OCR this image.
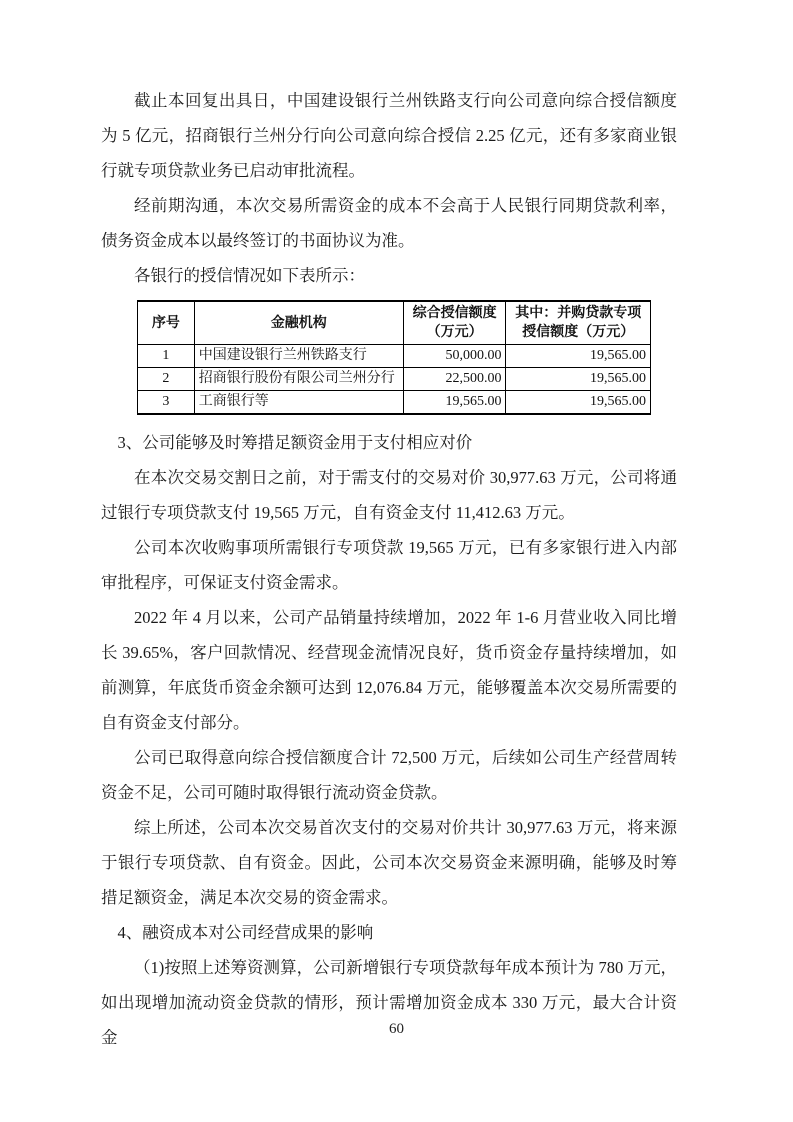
截止本回复出具日，中国建设银行兰州铁路支行向公司意向综合授信额度为 5 亿元，招商银行兰州分行向公司意向综合授信 2.25 亿元，还有多家商业银行就专项贷款业务已启动审批流程。

经前期沟通，本次交易所需资金的成本不会高于人民银行同期贷款利率，债务资金成本以最终签订的书面协议为准。

各银行的授信情况如下表所示：

序号	金融机构	综合授信额度（万元）	其中：并购贷款专项授信额度（万元）
1	中国建设银行兰州铁路支行	50,000.00	19,565.00
2	招商银行股份有限公司兰州分行	22,500.00	19,565.00
3	工商银行等	19,565.00	19,565.00

3、公司能够及时筹措足额资金用于支付相应对价

在本次交易交割日之前，对于需支付的交易对价 30,977.63 万元，公司将通过银行专项贷款支付 19,565 万元，自有资金支付 11,412.63 万元。

公司本次收购事项所需银行专项贷款 19,565 万元，已有多家银行进入内部审批程序，可保证支付资金需求。

2022 年 4 月以来，公司产品销量持续增加，2022 年 1-6 月营业收入同比增长 39.65%，客户回款情况、经营现金流情况良好，货币资金存量持续增加，如前测算，年底货币资金余额可达到 12,076.84 万元，能够覆盖本次交易所需要的自有资金支付部分。

公司已取得意向综合授信额度合计 72,500 万元，后续如公司生产经营周转资金不足，公司可随时取得银行流动资金贷款。

综上所述，公司本次交易首次支付的交易对价共计 30,977.63 万元，将来源于银行专项贷款、自有资金。因此，公司本次交易资金来源明确，能够及时筹措足额资金，满足本次交易的资金需求。

4、融资成本对公司经营成果的影响

（1)按照上述筹资测算，公司新增银行专项贷款每年成本预计为 780 万元，如出现增加流动资金贷款的情形，预计需增加资金成本 330 万元，最大合计资金	60
